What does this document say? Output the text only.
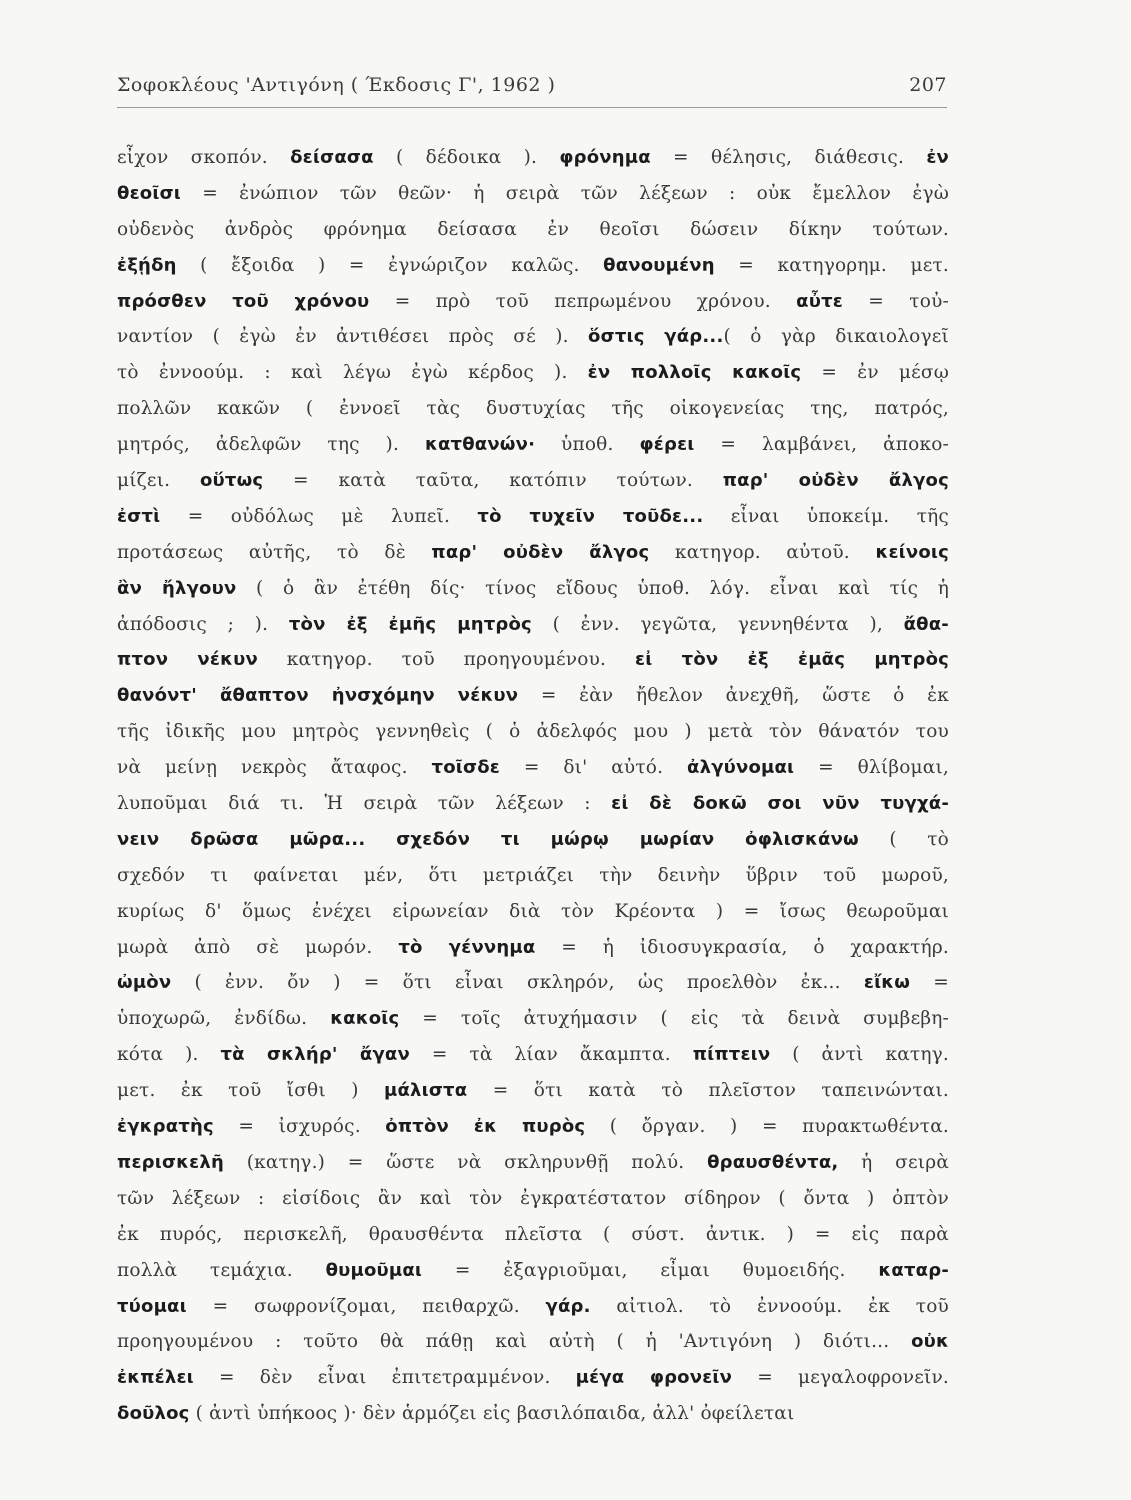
Σοφοκλέους 'Αντιγόνη ( Έκδοσις Γ', 1962 )	207
εἶχον σκοπόν. δείσασα ( δέδοικα ). φρόνημα = θέλησις, διάθεσις. ἐν
θεοῖσι = ἐνώπιον τῶν θεῶν· ἡ σειρὰ τῶν λέξεων : οὐκ ἔμελλον ἐγὼ
οὐδενὸς ἀνδρὸς φρόνημα δείσασα ἐν θεοῖσι δώσειν δίκην τούτων.
ἐξῄδη ( ἔξοιδα ) = ἐγνώριζον καλῶς. θανουμένη = κατηγορημ. μετ.
πρόσθεν τοῦ χρόνου = πρὸ τοῦ πεπρωμένου χρόνου. αὖτε = τοὐ-
ναντίον ( ἐγὼ ἐν ἀντιθέσει πρὸς σέ ). ὅστις γάρ...( ὁ γὰρ δικαιολογεῖ
τὸ ἐννοούμ. : καὶ λέγω ἐγὼ κέρδος ). ἐν πολλοῖς κακοῖς = ἐν μέσῳ
πολλῶν κακῶν ( ἐννοεῖ τὰς δυστυχίας τῆς οἰκογενείας της, πατρός,
μητρός, ἀδελφῶν της ). κατθανών· ὑποθ. φέρει = λαμβάνει, ἀποκο-
μίζει. οὕτως = κατὰ ταῦτα, κατόπιν τούτων. παρ' οὐδὲν ἄλγος
ἐστὶ = οὐδόλως μὲ λυπεῖ. τὸ τυχεῖν τοῦδε... εἶναι ὑποκείμ. τῆς
προτάσεως αὐτῆς, τὸ δὲ παρ' οὐδὲν ἄλγος κατηγορ. αὐτοῦ. κείνοις
ἂν ἤλγουν ( ὁ ἂν ἐτέθη δίς· τίνος εἴδους ὑποθ. λόγ. εἶναι καὶ τίς ἡ
ἀπόδοσις ; ). τὸν ἐξ ἐμῆς μητρὸς ( ἐνν. γεγῶτα, γεννηθέντα ), ἄθα-
πτον νέκυν κατηγορ. τοῦ προηγουμένου. εἰ τὸν ἐξ ἐμᾶς μητρὸς
θανόντ' ἄθαπτον ἠνσχόμην νέκυν = ἐὰν ἤθελον ἀνεχθῆ, ὥστε ὁ ἐκ
τῆς ἰδικῆς μου μητρὸς γεννηθεὶς ( ὁ ἀδελφός μου ) μετὰ τὸν θάνατόν του
νὰ μείνῃ νεκρὸς ἄταφος. τοῖσδε = δι' αὐτό. ἀλγύνομαι = θλίβομαι,
λυποῦμαι διά τι. Ἡ σειρὰ τῶν λέξεων : εἰ δὲ δοκῶ σοι νῦν τυγχά-
νειν δρῶσα μῶρα... σχεδόν τι μώρῳ μωρίαν ὀφλισκάνω ( τὸ
σχεδόν τι φαίνεται μέν, ὅτι μετριάζει τὴν δεινὴν ὕβριν τοῦ μωροῦ,
κυρίως δ' ὅμως ἐνέχει εἰρωνείαν διὰ τὸν Κρέοντα ) = ἴσως θεωροῦμαι
μωρὰ ἀπὸ σὲ μωρόν. τὸ γέννημα = ἡ ἰδιοσυγκρασία, ὁ χαρακτήρ.
ὠμὸν ( ἐνν. ὄν ) = ὅτι εἶναι σκληρόν, ὡς προελθὸν ἐκ... εἴκω =
ὑποχωρῶ, ἐνδίδω. κακοῖς = τοῖς ἀτυχήμασιν ( εἰς τὰ δεινὰ συμβεβη-
κότα ). τὰ σκλήρ' ἄγαν = τὰ λίαν ἄκαμπτα. πίπτειν ( ἀντὶ κατηγ.
μετ. ἐκ τοῦ ἴσθι ) μάλιστα = ὅτι κατὰ τὸ πλεῖστον ταπεινώνται.
ἐγκρατὴς = ἰσχυρός. ὀπτὸν ἐκ πυρὸς ( ὄργαν. ) = πυρακτωθέντα.
περισκελῆ (κατηγ.) = ὥστε νὰ σκληρυνθῇ πολύ. θραυσθέντα, ἡ σειρὰ
τῶν λέξεων : εἰσίδοις ἂν καὶ τὸν ἐγκρατέστατον σίδηρον ( ὄντα ) ὀπτὸν
ἐκ πυρός, περισκελῆ, θραυσθέντα πλεῖστα ( σύστ. ἀντικ. ) = εἰς παρὰ
πολλὰ τεμάχια. θυμοῦμαι = ἐξαγριοῦμαι, εἶμαι θυμοειδής. καταρ-
τύομαι = σωφρονίζομαι, πειθαρχῶ. γάρ. αἰτιολ. τὸ ἐννοούμ. ἐκ τοῦ
προηγουμένου : τοῦτο θὰ πάθῃ καὶ αὐτὴ ( ἡ 'Αντιγόνη ) διότι... οὐκ
ἐκπέλει = δὲν εἶναι ἐπιτετραμμένον. μέγα φρονεῖν = μεγαλοφρονεῖν.
δοῦλος ( ἀντὶ ὑπήκοος )· δὲν ἁρμόζει εἰς βασιλόπαιδα, ἀλλ' ὀφείλεται
